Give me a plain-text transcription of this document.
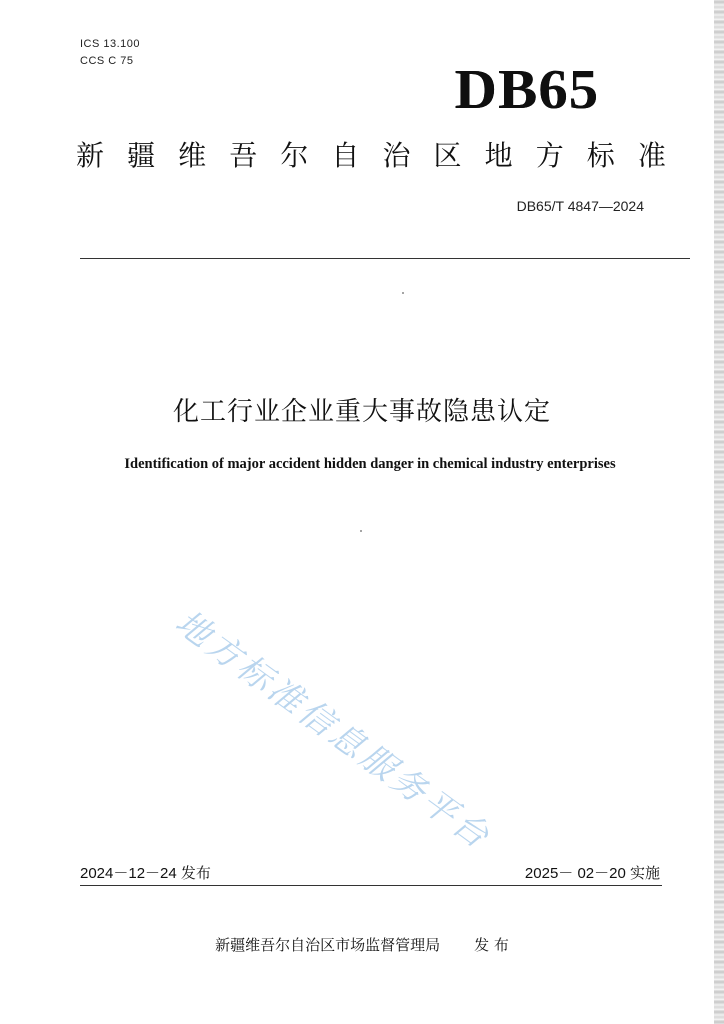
ICS 13.100
CCS C 75	DB65
新 疆 维 吾 尔 自 治 区 地 方 标 准
DB65/T 4847—2024
化工行业企业重大事故隐患认定
Identification of major accident hidden danger in chemical industry enterprises
地方标准信息服务平台
2024－12－24 发布	2025－ 02－20 实施
新疆维吾尔自治区市场监督管理局 发 布
